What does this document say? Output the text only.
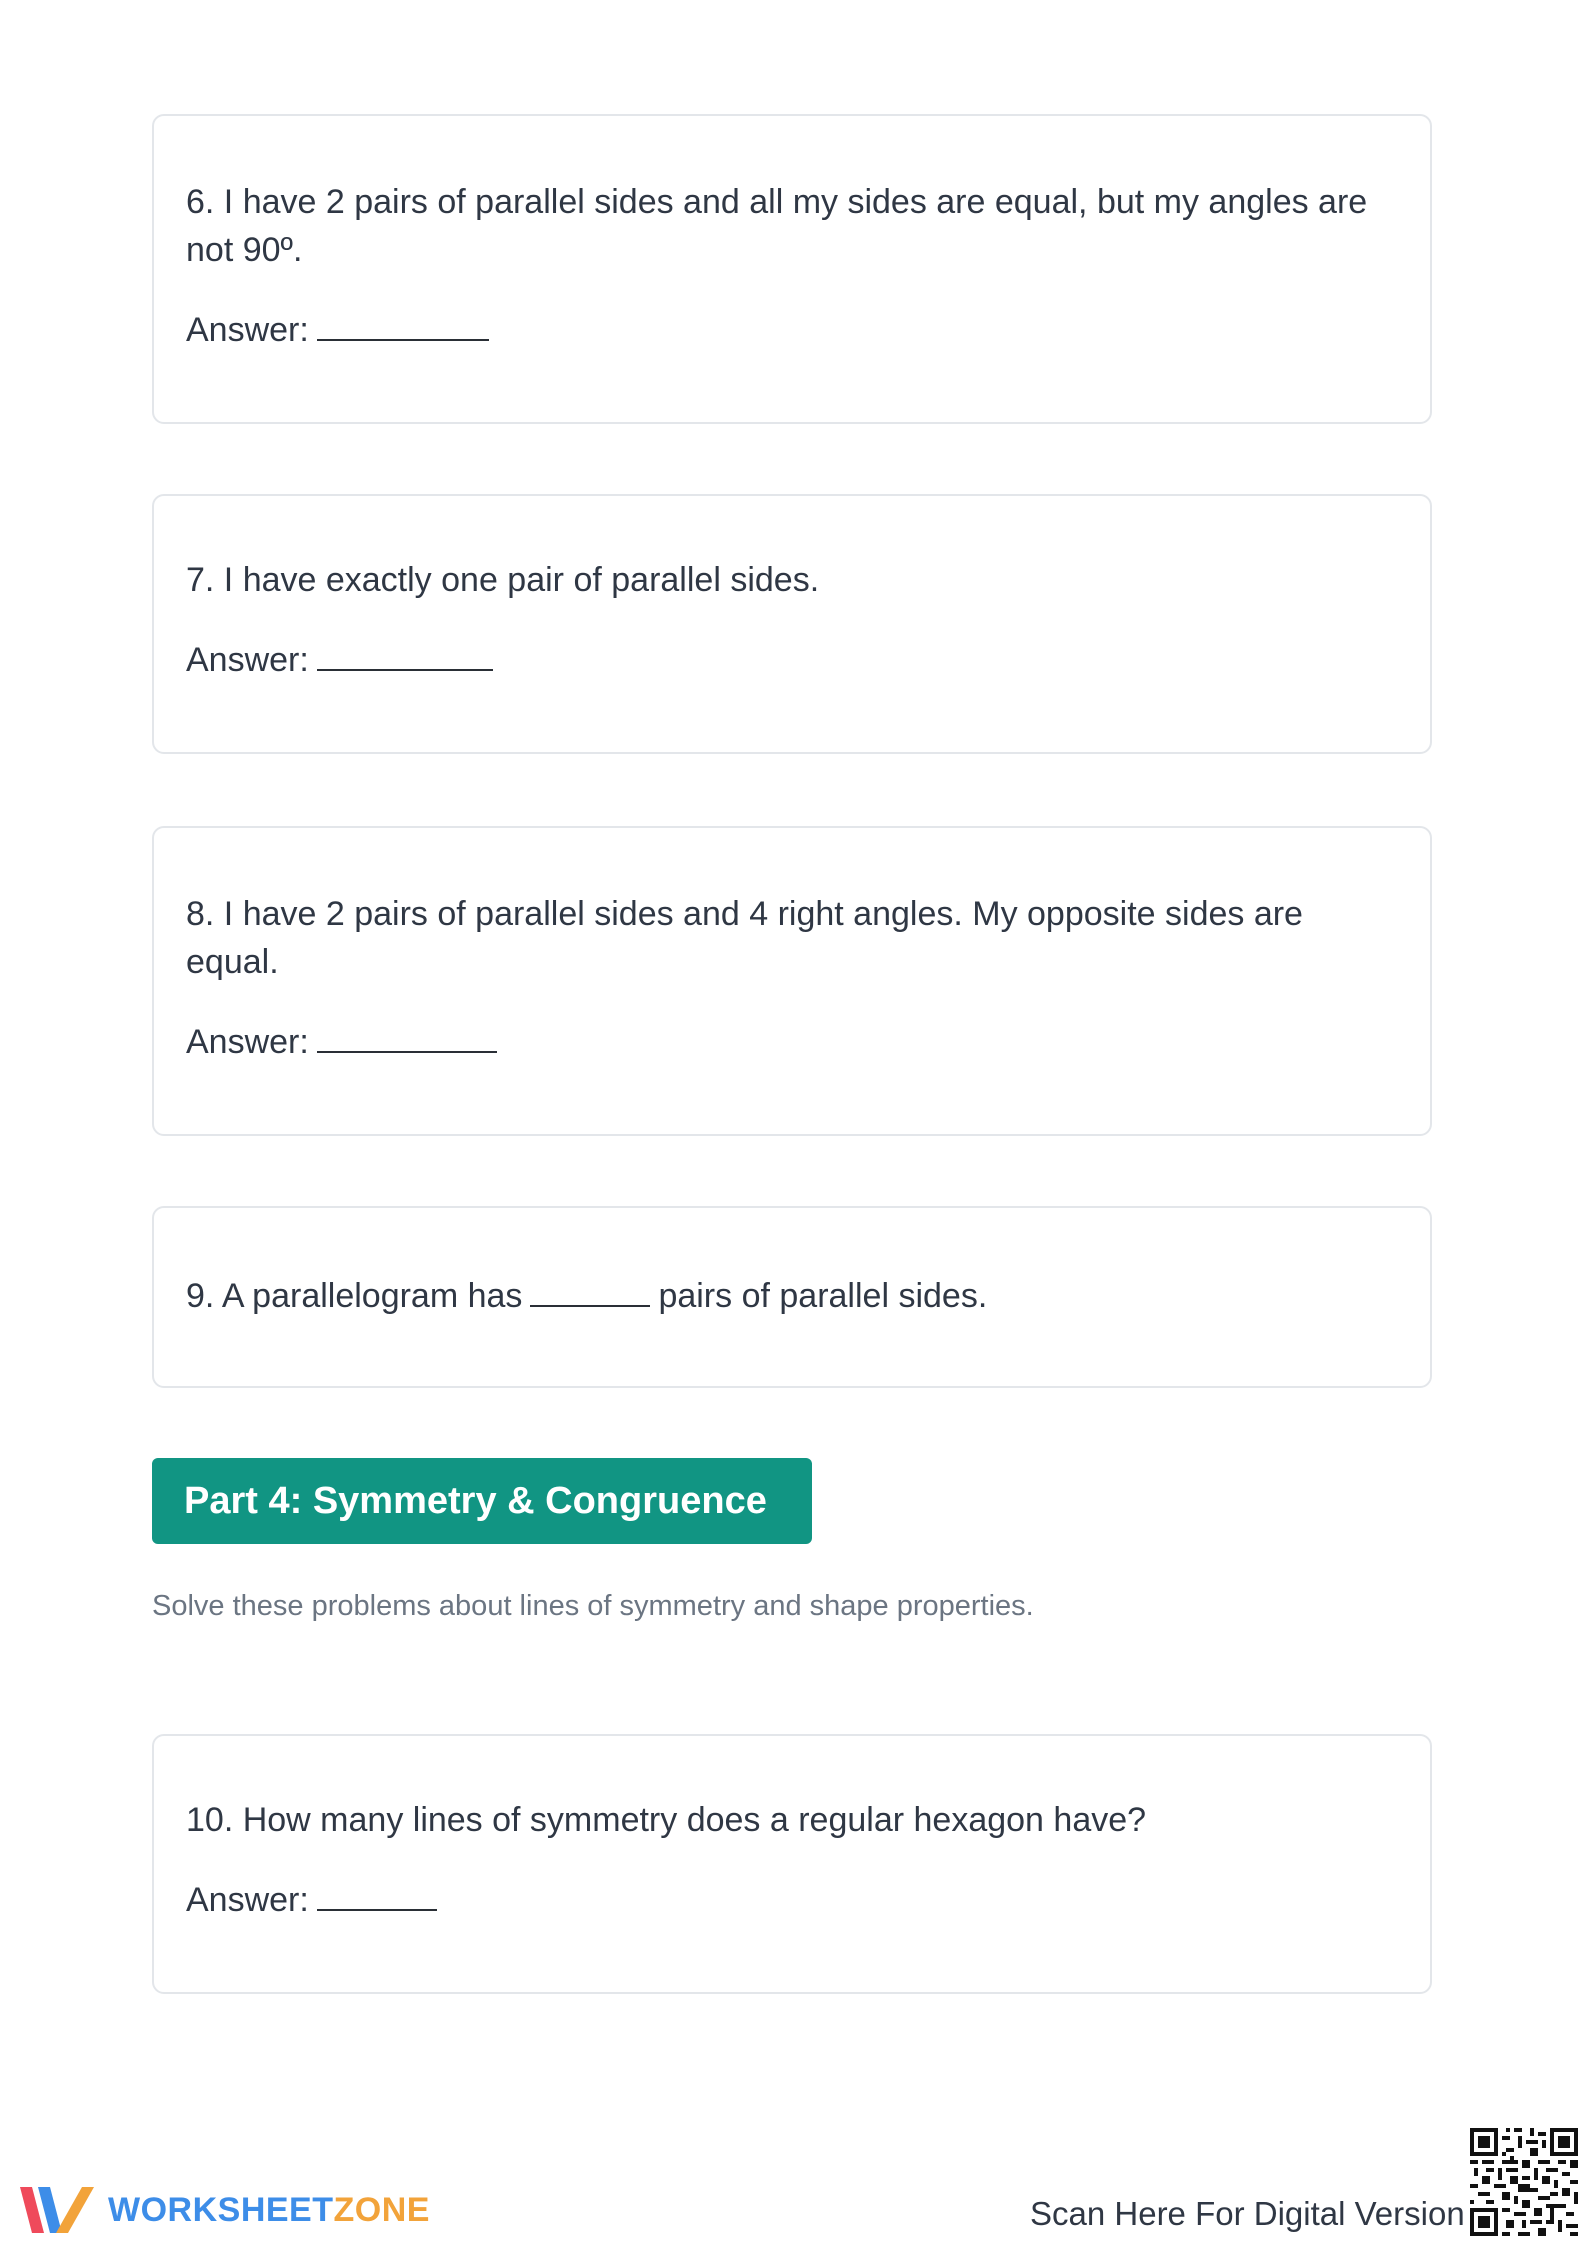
6. I have 2 pairs of parallel sides and all my sides are equal, but my angles are not 90º.

Answer:

7. I have exactly one pair of parallel sides.

Answer:

8. I have 2 pairs of parallel sides and 4 right angles. My opposite sides are equal.

Answer:
9. A parallelogram has	pairs of parallel sides.
Part 4: Symmetry & Congruence
Solve these problems about lines of symmetry and shape properties.

10. How many lines of symmetry does a regular hexagon have?

Answer:
WORKSHEETZONE	Scan Here For Digital Version
